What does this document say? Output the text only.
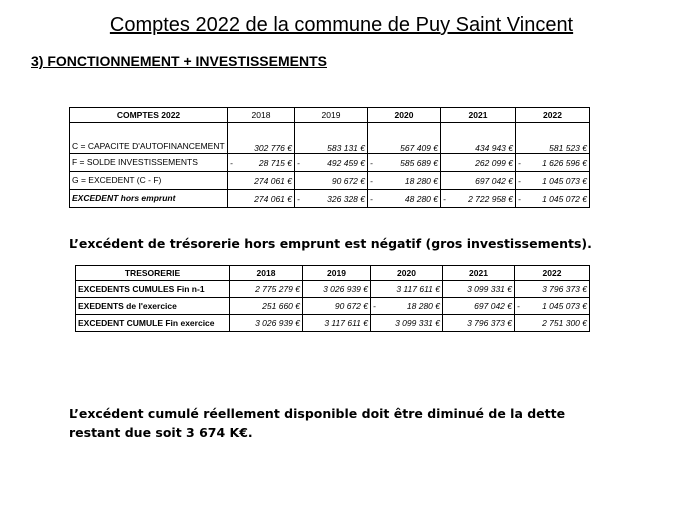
Comptes 2022 de la commune de Puy Saint Vincent
3) FONCTIONNEMENT + INVESTISSEMENTS
COMPTES 2022	2018	2019	2020	2021	2022
C = CAPACITE D'AUTOFINANCEMENT	302 776 €	583 131 €	567 409 €	434 943 €	581 523 €

F = SOLDE INVESTISSEMENTS	- 28 715 €	- 492 459 €	- 585 689 €	262 099 €	- 1 626 596 €

G = EXCEDENT (C - F)	274 061 €	90 672 €	- 18 280 €	697 042 €	- 1 045 073 €

EXCEDENT hors emprunt	274 061 €	- 326 328 €	- 48 280 €	- 2 722 958 €	- 1 045 072 €
L’excédent de trésorerie hors emprunt est négatif (gros investissements).
TRESORERIE	2018	2019	2020	2021	2022
EXCEDENTS CUMULES Fin n-1	2 775 279 €	3 026 939 €	3 117 611 €	3 099 331 €	3 796 373 €

EXEDENTS de l'exercice	251 660 €	90 672 €	- 18 280 €	697 042 €	- 1 045 073 €

EXCEDENT CUMULE Fin exercice	3 026 939 €	3 117 611 €	3 099 331 €	3 796 373 €	2 751 300 €
L’excédent cumulé réellement disponible doit être diminué de la dette restant due soit 3 674 K€.
